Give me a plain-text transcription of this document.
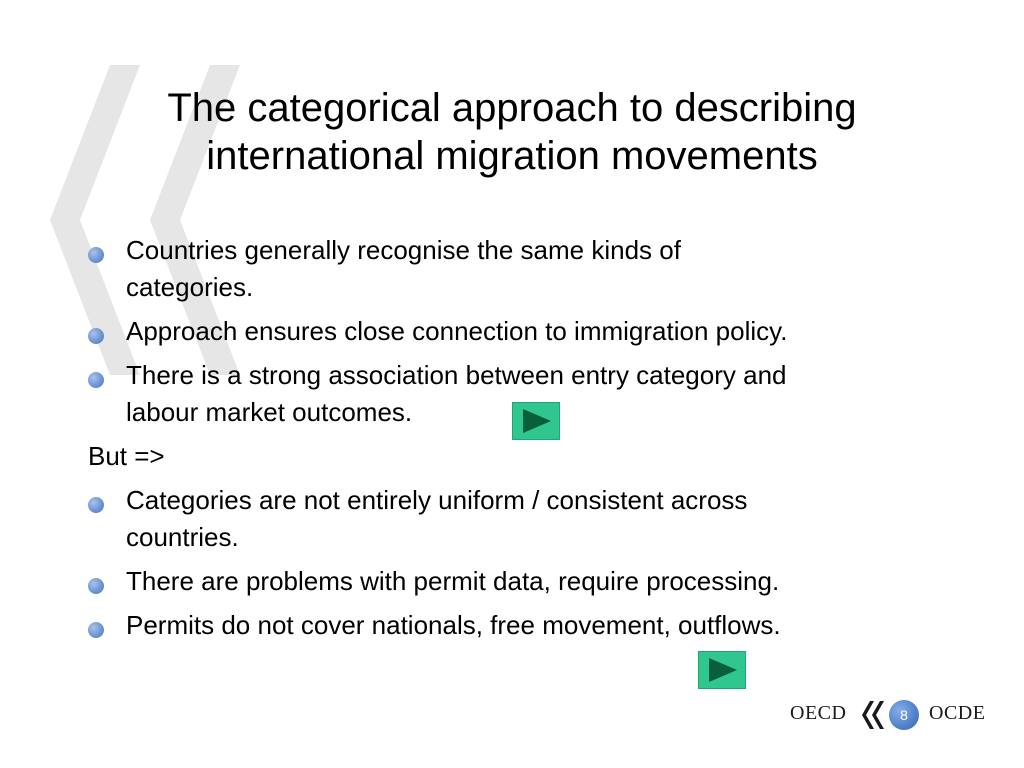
The categorical approach to describing
international migration movements
Countries generally recognise the same kinds of
categories.
Approach ensures close connection to immigration policy.
There is a strong association between entry category and
labour market outcomes.
But =>
Categories are not entirely uniform / consistent across
countries.
There are problems with permit data, require processing.
Permits do not cover nationals, free movement, outflows.
OECD	8	OCDE
